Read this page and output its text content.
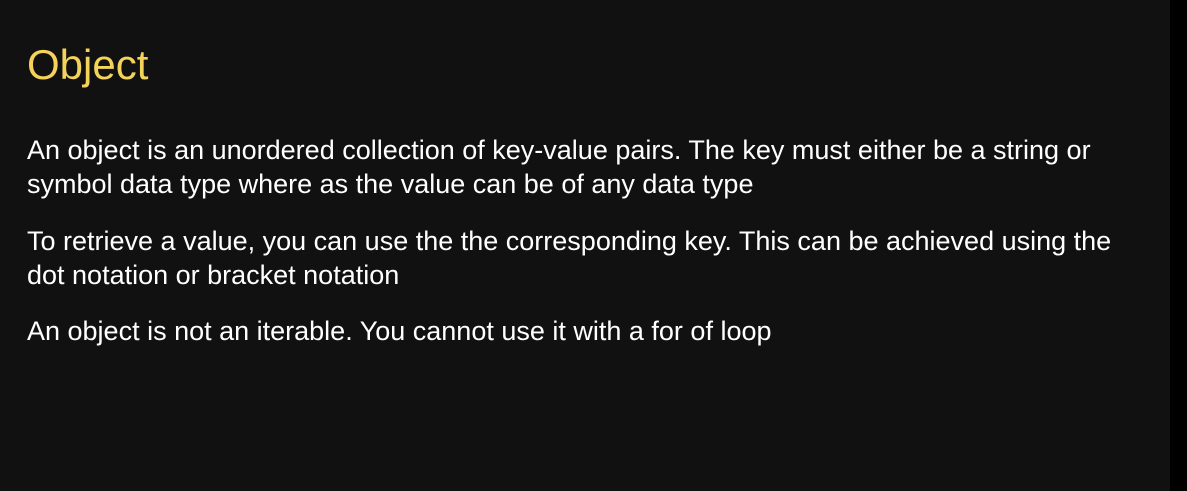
Object

An object is an unordered collection of key-value pairs. The key must either be a string or symbol data type where as the value can be of any data type

To retrieve a value, you can use the the corresponding key. This can be achieved using the dot notation or bracket notation

An object is not an iterable. You cannot use it with a for of loop
